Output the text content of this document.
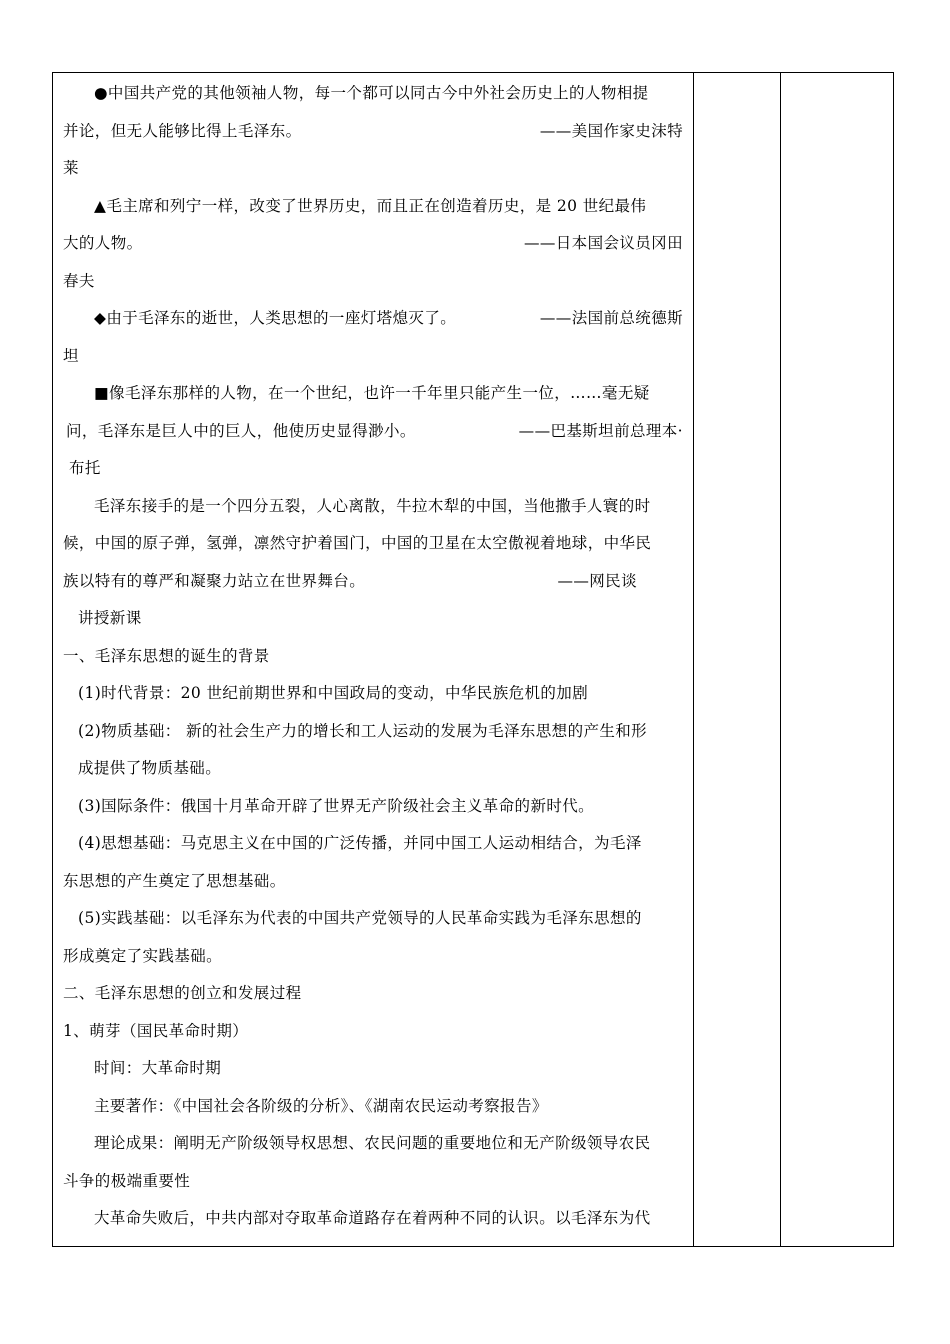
●中国共产党的其他领袖人物，每一个都可以同古今中外社会历史上的人物相提

并论，但无人能够比得上毛泽东。	——美国作家史沫特

莱

▲毛主席和列宁一样，改变了世界历史，而且正在创造着历史，是 20 世纪最伟

大的人物。	——日本国会议员冈田

春夫

◆由于毛泽东的逝世，人类思想的一座灯塔熄灭了。	——法国前总统德斯

坦

■像毛泽东那样的人物，在一个世纪，也许一千年里只能产生一位，……毫无疑

问，毛泽东是巨人中的巨人，他使历史显得渺小。	——巴基斯坦前总理本·

布托

毛泽东接手的是一个四分五裂，人心离散，牛拉木犁的中国，当他撒手人寰的时

候，中国的原子弹，氢弹，凛然守护着国门，中国的卫星在太空傲视着地球，中华民

族以特有的尊严和凝聚力站立在世界舞台。	——网民谈

讲授新课

一、毛泽东思想的诞生的背景

(1)时代背景：20 世纪前期世界和中国政局的变动，中华民族危机的加剧

(2)物质基础： 新的社会生产力的增长和工人运动的发展为毛泽东思想的产生和形

成提供了物质基础。

(3)国际条件：俄国十月革命开辟了世界无产阶级社会主义革命的新时代。

(4)思想基础：马克思主义在中国的广泛传播，并同中国工人运动相结合，为毛泽

东思想的产生奠定了思想基础。

(5)实践基础：以毛泽东为代表的中国共产党领导的人民革命实践为毛泽东思想的

形成奠定了实践基础。

二、毛泽东思想的创立和发展过程

1、萌芽（国民革命时期）

时间：大革命时期

主要著作：《中国社会各阶级的分析》、《湖南农民运动考察报告》

理论成果：阐明无产阶级领导权思想、农民问题的重要地位和无产阶级领导农民

斗争的极端重要性

大革命失败后，中共内部对夺取革命道路存在着两种不同的认识。以毛泽东为代
